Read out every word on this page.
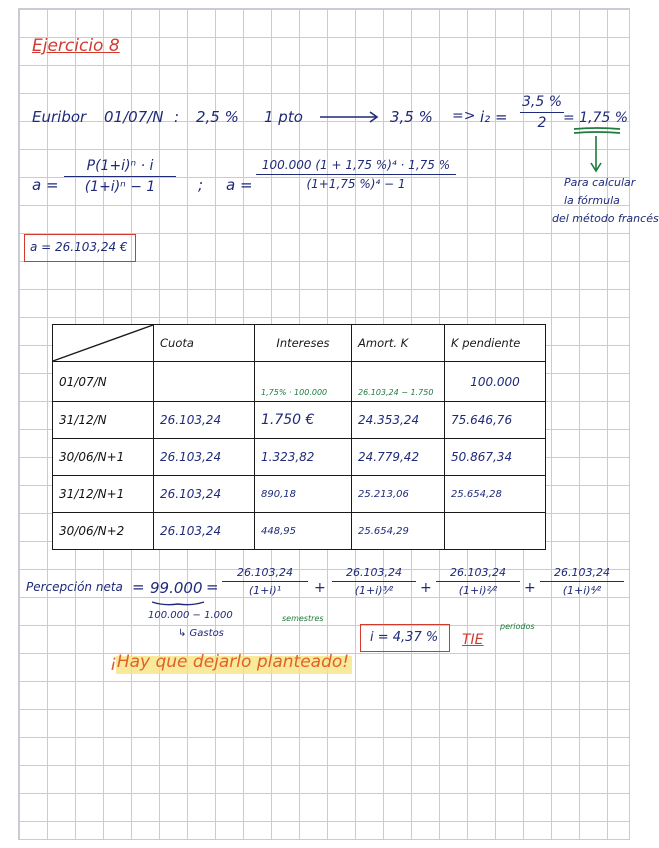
Ejercicio 8
Euribor 01/07/N : 2,5 % 1 pto	3,5 % => $i_2 = \frac{3,5 \%}{2}$
= 1,75 %
Para calcular
la fórmula
del método francés
$a = \frac{\text{P(1+i)ⁿ · i}}{\text{(1+i)ⁿ − 1}}$ ; $a = \frac{\text{100.000 (1 + 1,75 \%)⁴ · 1,75 \%}}{\text{(1+1,75 \%)⁴ − 1}}$
a = 26.103,24 €
	Cuota	Intereses	Amort. K	K pendiente
01/07/N		1,75% · 100.000	26.103,24 − 1.750	100.000
31/12/N	26.103,24	1.750 €	24.353,24	75.646,76
30/06/N+1	26.103,24	1.323,82	24.779,42	50.867,34
31/12/N+1	26.103,24	890,18	25.213,06	25.654,28
30/06/N+2	26.103,24	448,95	25.654,29	
Percepción neta = 99.000 =
100.000 − 1.000
↳ Gastos
$\frac{26.103,24}{\text{(1+i)¹}} + \frac{26.103,24}{\text{(1+i)³⁄²}} + \frac{26.103,24}{\text{(1+i)²⁄²}} + \frac{26.103,24}{\text{(1+i)⁴⁄²}}$
semestres
periodos
i = 4,37 % TIE
¡Hay que dejarlo planteado!
